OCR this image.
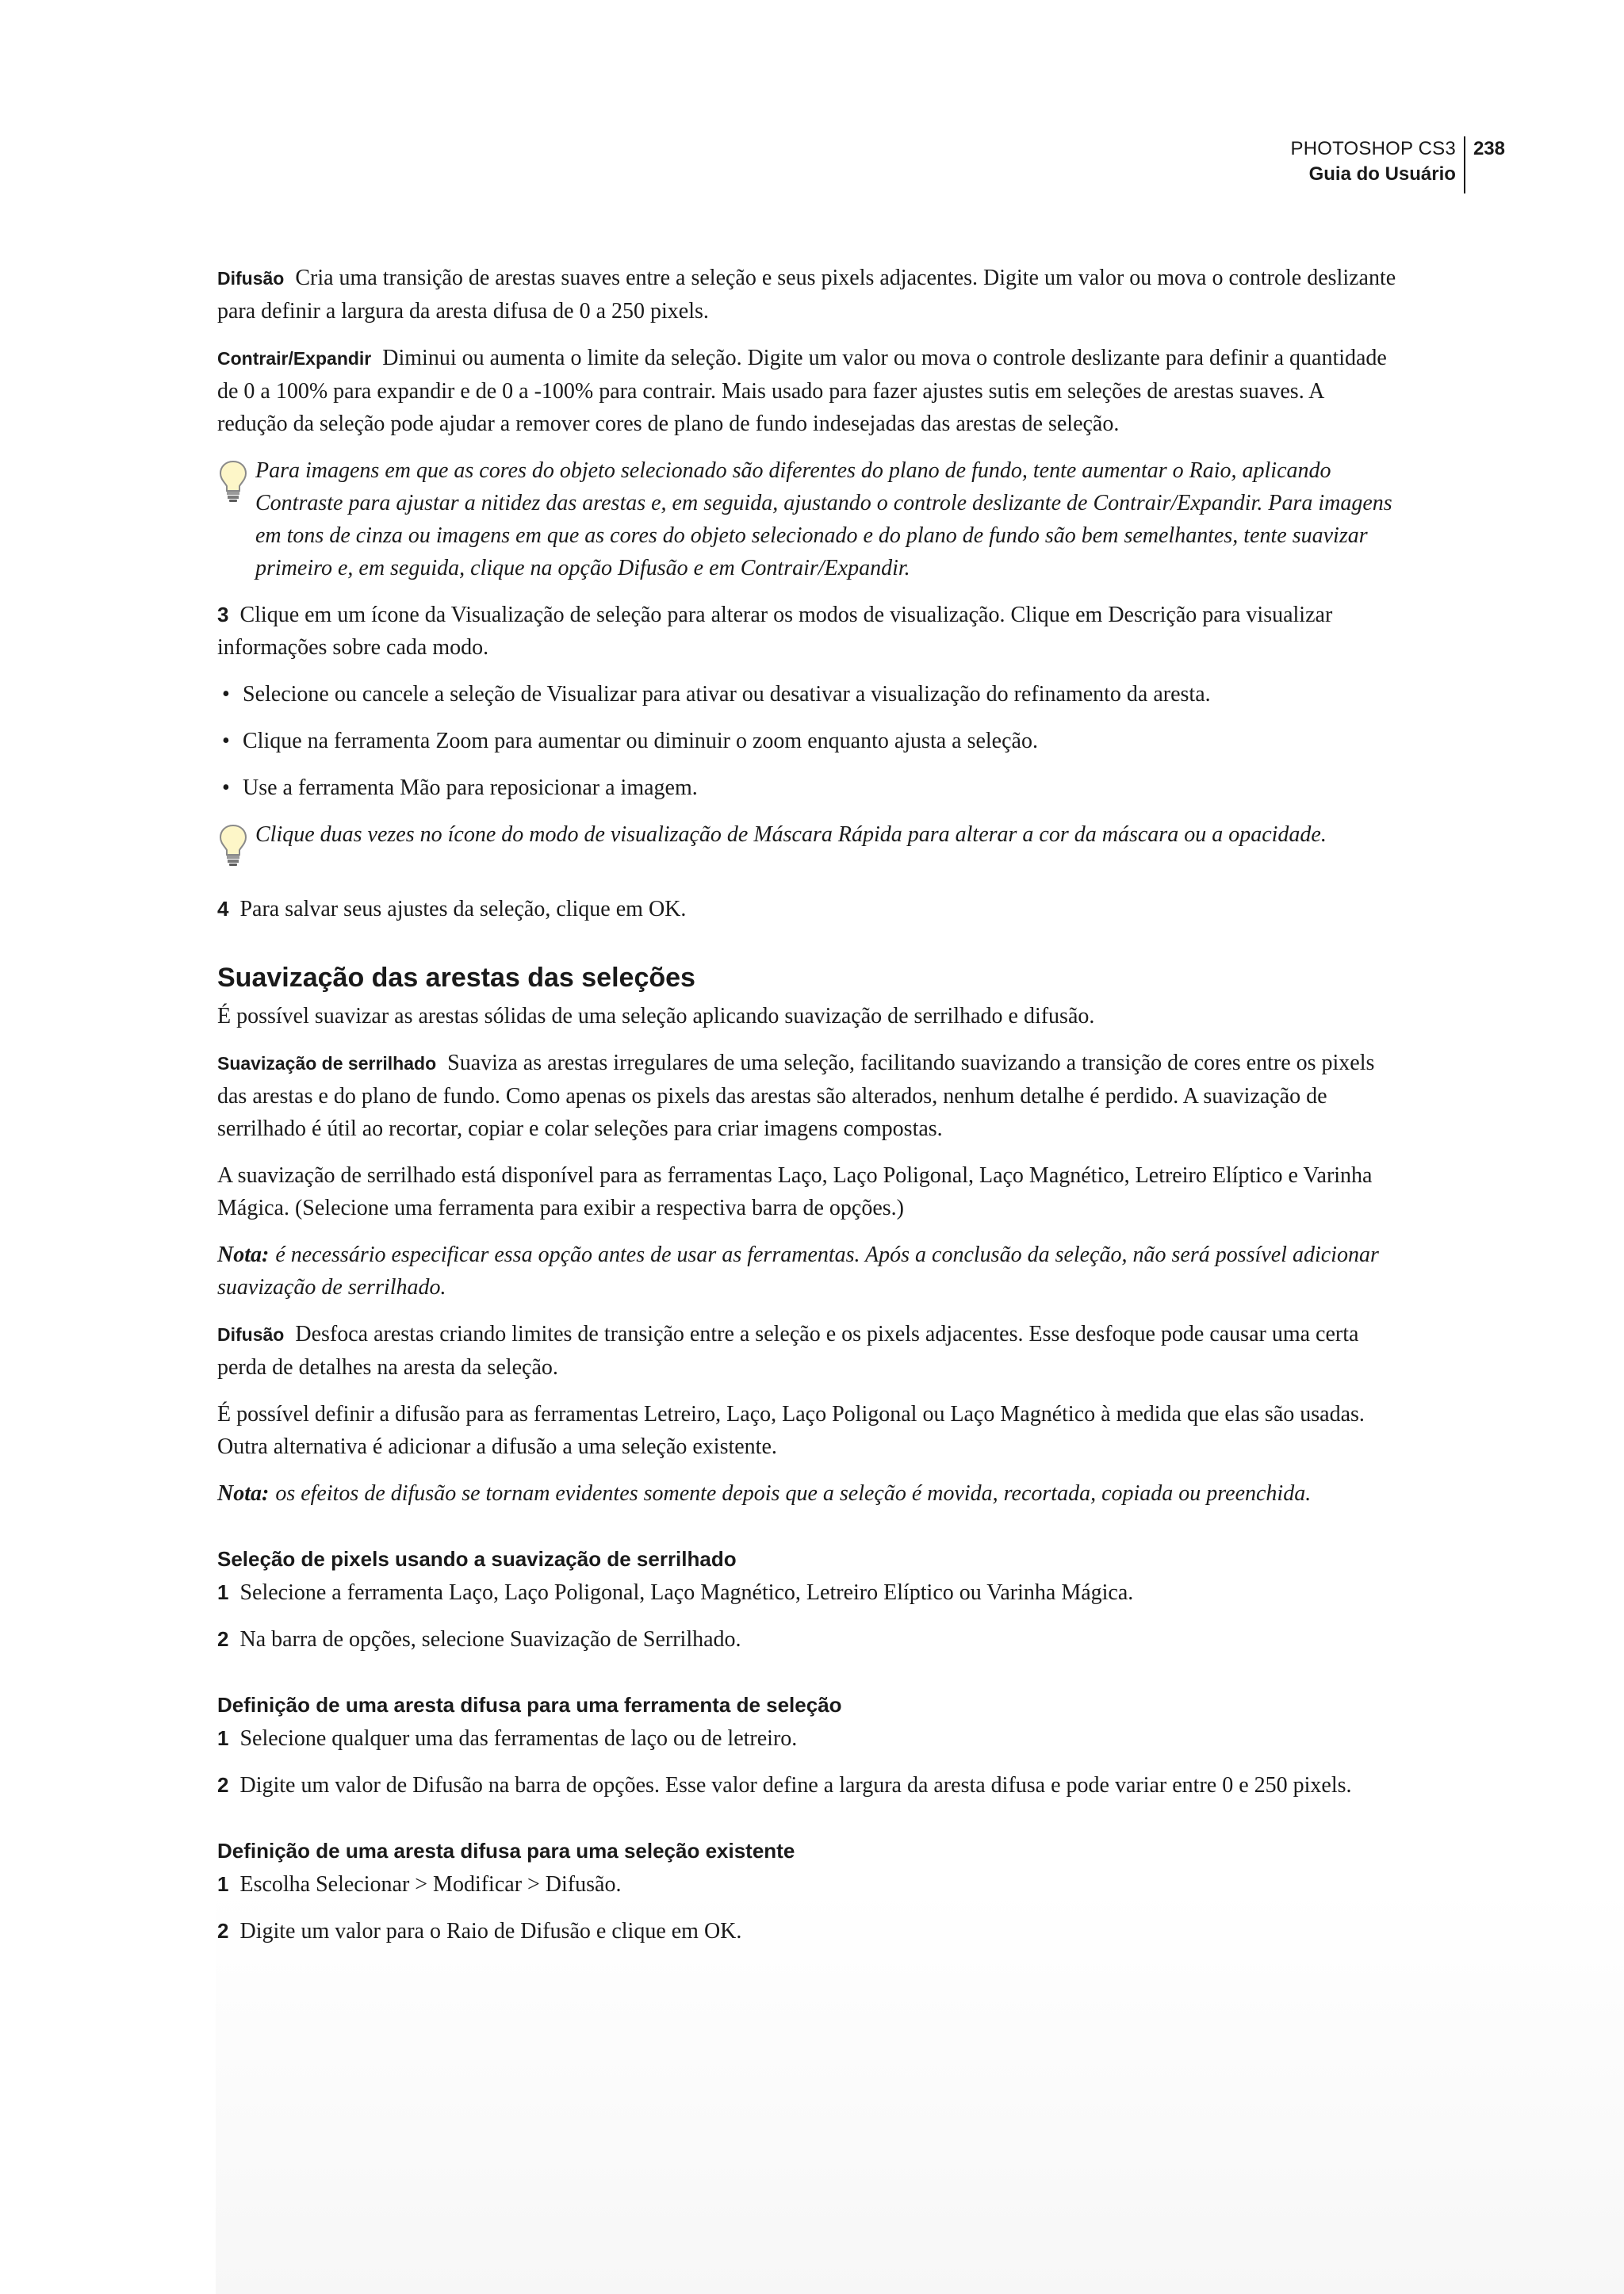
PHOTOSHOP CS3
Guia do Usuário
238

Difusão Cria uma transição de arestas suaves entre a seleção e seus pixels adjacentes. Digite um valor ou mova o controle deslizante para definir a largura da aresta difusa de 0 a 250 pixels.

Contrair/Expandir Diminui ou aumenta o limite da seleção. Digite um valor ou mova o controle deslizante para definir a quantidade de 0 a 100% para expandir e de 0 a -100% para contrair. Mais usado para fazer ajustes sutis em seleções de arestas suaves. A redução da seleção pode ajudar a remover cores de plano de fundo indesejadas das arestas de seleção.

Para imagens em que as cores do objeto selecionado são diferentes do plano de fundo, tente aumentar o Raio, aplicando Contraste para ajustar a nitidez das arestas e, em seguida, ajustando o controle deslizante de Contrair/Expandir. Para imagens em tons de cinza ou imagens em que as cores do objeto selecionado e do plano de fundo são bem semelhantes, tente suavizar primeiro e, em seguida, clique na opção Difusão e em Contrair/Expandir.

3 Clique em um ícone da Visualização de seleção para alterar os modos de visualização. Clique em Descrição para visualizar informações sobre cada modo.

• Selecione ou cancele a seleção de Visualizar para ativar ou desativar a visualização do refinamento da aresta.
• Clique na ferramenta Zoom para aumentar ou diminuir o zoom enquanto ajusta a seleção.
• Use a ferramenta Mão para reposicionar a imagem.
Clique duas vezes no ícone do modo de visualização de Máscara Rápida para alterar a cor da máscara ou a opacidade.

4 Para salvar seus ajustes da seleção, clique em OK.

Suavização das arestas das seleções

É possível suavizar as arestas sólidas de uma seleção aplicando suavização de serrilhado e difusão.

Suavização de serrilhado Suaviza as arestas irregulares de uma seleção, facilitando suavizando a transição de cores entre os pixels das arestas e do plano de fundo. Como apenas os pixels das arestas são alterados, nenhum detalhe é perdido. A suavização de serrilhado é útil ao recortar, copiar e colar seleções para criar imagens compostas.

A suavização de serrilhado está disponível para as ferramentas Laço, Laço Poligonal, Laço Magnético, Letreiro Elíptico e Varinha Mágica. (Selecione uma ferramenta para exibir a respectiva barra de opções.)

Nota: é necessário especificar essa opção antes de usar as ferramentas. Após a conclusão da seleção, não será possível adicionar suavização de serrilhado.

Difusão Desfoca arestas criando limites de transição entre a seleção e os pixels adjacentes. Esse desfoque pode causar uma certa perda de detalhes na aresta da seleção.

É possível definir a difusão para as ferramentas Letreiro, Laço, Laço Poligonal ou Laço Magnético à medida que elas são usadas. Outra alternativa é adicionar a difusão a uma seleção existente.

Nota: os efeitos de difusão se tornam evidentes somente depois que a seleção é movida, recortada, copiada ou preenchida.

Seleção de pixels usando a suavização de serrilhado

1 Selecione a ferramenta Laço, Laço Poligonal, Laço Magnético, Letreiro Elíptico ou Varinha Mágica.

2 Na barra de opções, selecione Suavização de Serrilhado.

Definição de uma aresta difusa para uma ferramenta de seleção

1 Selecione qualquer uma das ferramentas de laço ou de letreiro.

2 Digite um valor de Difusão na barra de opções. Esse valor define a largura da aresta difusa e pode variar entre 0 e 250 pixels.

Definição de uma aresta difusa para uma seleção existente

1 Escolha Selecionar > Modificar > Difusão.

2 Digite um valor para o Raio de Difusão e clique em OK.
